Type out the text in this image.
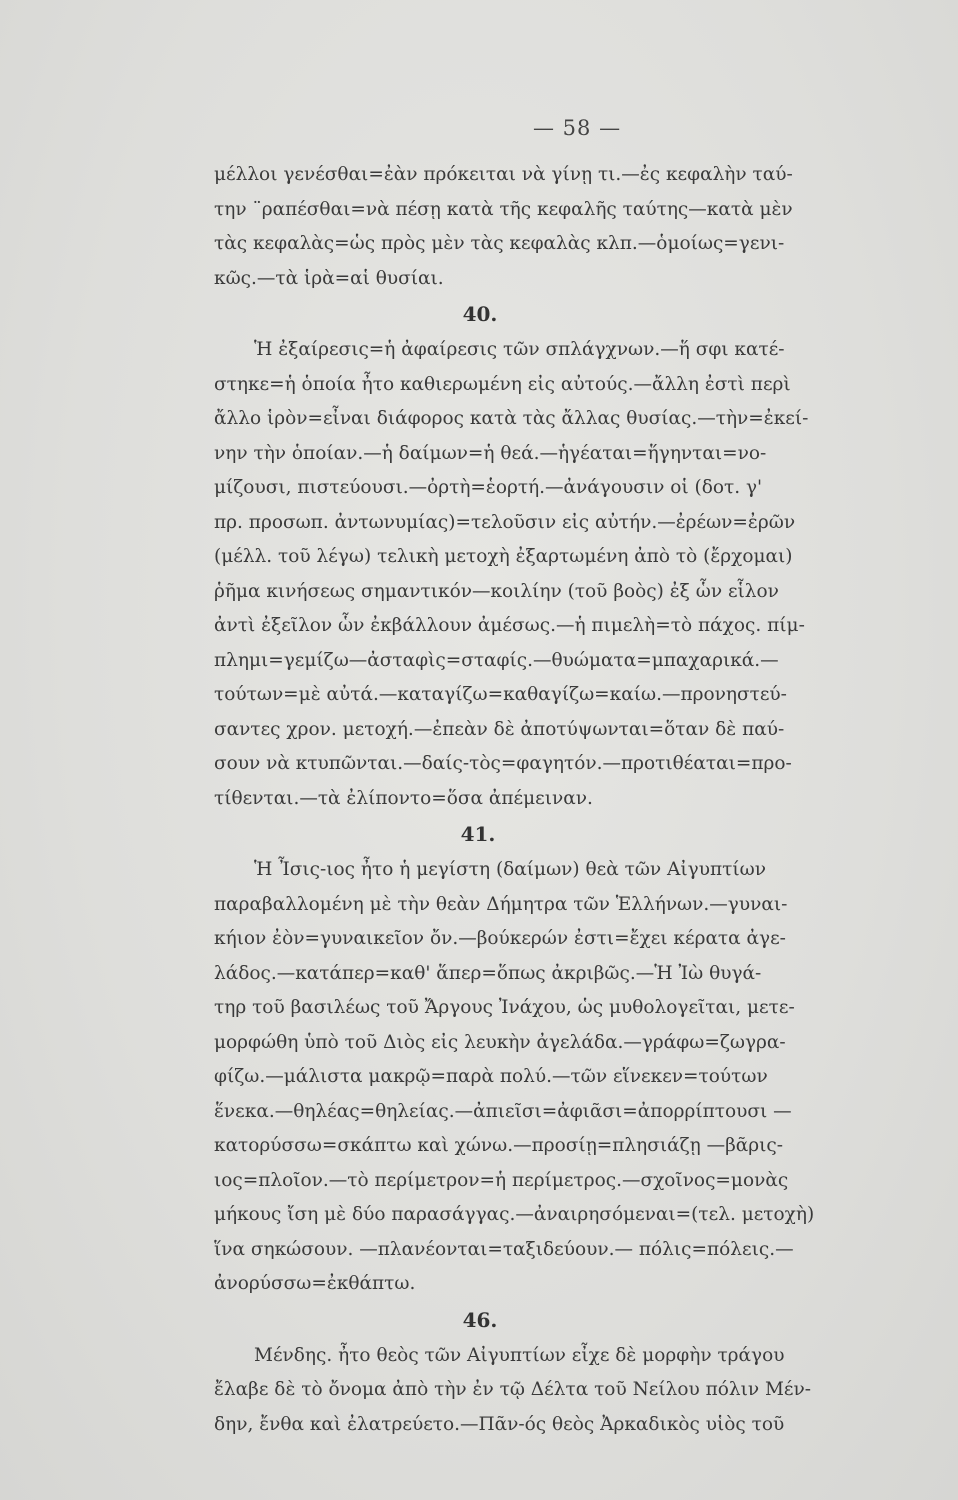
— 58 —
μέλλοι γενέσθαι=ἐὰν πρόκειται νὰ γίνῃ τι.—ἐς κεφαλὴν ταύ-
την ¨ραπέσθαι=νὰ πέσῃ κατὰ τῆς κεφαλῆς ταύτης—κατὰ μὲν
τὰς κεφαλὰς=ὡς πρὸς μὲν τὰς κεφαλὰς κλπ.—ὁμοίως=γενι-
κῶς.—τὰ ἱρὰ=αἱ θυσίαι.
40.
Ἡ ἐξαίρεσις=ἡ ἀφαίρεσις τῶν σπλάγχνων.—ἥ σφι κατέ-
στηκε=ἡ ὁποία ἦτο καθιερωμένη εἰς αὐτούς.—ἄλλη ἐστὶ περὶ
ἄλλο ἱρὸν=εἶναι διάφορος κατὰ τὰς ἄλλας θυσίας.—τὴν=ἐκεί-
νην τὴν ὁποίαν.—ἡ δαίμων=ἡ θεά.—ἡγέαται=ἥγηνται=νο-
μίζουσι, πιστεύουσι.—ὀρτὴ=ἑορτή.—ἀνάγουσιν οἱ (δοτ. γ'
πρ. προσωπ. ἀντωνυμίας)=τελοῦσιν εἰς αὐτήν.—ἐρέων=ἐρῶν
(μέλλ. τοῦ λέγω) τελικὴ μετοχὴ ἐξαρτωμένη ἀπὸ τὸ (ἔρχομαι)
ῥῆμα κινήσεως σημαντικόν—κοιλίην (τοῦ βοὸς) ἐξ ὧν εἷλον
ἀντὶ ἐξεῖλον ὧν ἐκβάλλουν ἀμέσως.—ἡ πιμελὴ=τὸ πάχος. πίμ-
πλημι=γεμίζω—ἀσταφὶς=σταφίς.—θυώματα=μπαχαρικά.—
τούτων=μὲ αὐτά.—καταγίζω=καθαγίζω=καίω.—προνηστεύ-
σαντες χρον. μετοχή.—ἐπεὰν δὲ ἀποτύψωνται=ὅταν δὲ παύ-
σουν νὰ κτυπῶνται.—δαίς-τὸς=φαγητόν.—προτιθέαται=προ-
τίθενται.—τὰ ἐλίποντο=ὅσα ἀπέμειναν.
41.
Ἡ Ἶσις-ιος ἦτο ἡ μεγίστη (δαίμων) θεὰ τῶν Αἰγυπτίων
παραβαλλομένη μὲ τὴν θεὰν Δήμητρα τῶν Ἑλλήνων.—γυναι-
κήιον ἐὸν=γυναικεῖον ὄν.—βούκερών ἐστι=ἔχει κέρατα ἀγε-
λάδος.—κατάπερ=καθ' ἅπερ=ὅπως ἀκριβῶς.—Ἡ Ἰὼ θυγά-
τηρ τοῦ βασιλέως τοῦ Ἄργους Ἰνάχου, ὡς μυθολογεῖται, μετε-
μορφώθη ὑπὸ τοῦ Διὸς εἰς λευκὴν ἀγελάδα.—γράφω=ζωγρα-
φίζω.—μάλιστα μακρῷ=παρὰ πολύ.—τῶν εἵνεκεν=τούτων
ἕνεκα.—θηλέας=θηλείας.—ἀπιεῖσι=ἀφιᾶσι=ἀπορρίπτουσι —
κατορύσσω=σκάπτω καὶ χώνω.—προσίῃ=πλησιάζῃ —βᾶρις-
ιος=πλοῖον.—τὸ περίμετρον=ἡ περίμετρος.—σχοῖνος=μονὰς
μήκους ἴση μὲ δύο παρασάγγας.—ἀναιρησόμεναι=(τελ. μετοχὴ)
ἵνα σηκώσουν. —πλανέονται=ταξιδεύουν.— πόλις=πόλεις.—
ἀνορύσσω=ἐκθάπτω.
46.
Μένδης. ἦτο θεὸς τῶν Αἰγυπτίων εἶχε δὲ μορφὴν τράγου
ἔλαβε δὲ τὸ ὄνομα ἀπὸ τὴν ἐν τῷ Δέλτα τοῦ Νείλου πόλιν Μέν-
δην, ἔνθα καὶ ἐλατρεύετο.—Πᾶν-ός θεὸς Ἀρκαδικὸς υἱὸς τοῦ
